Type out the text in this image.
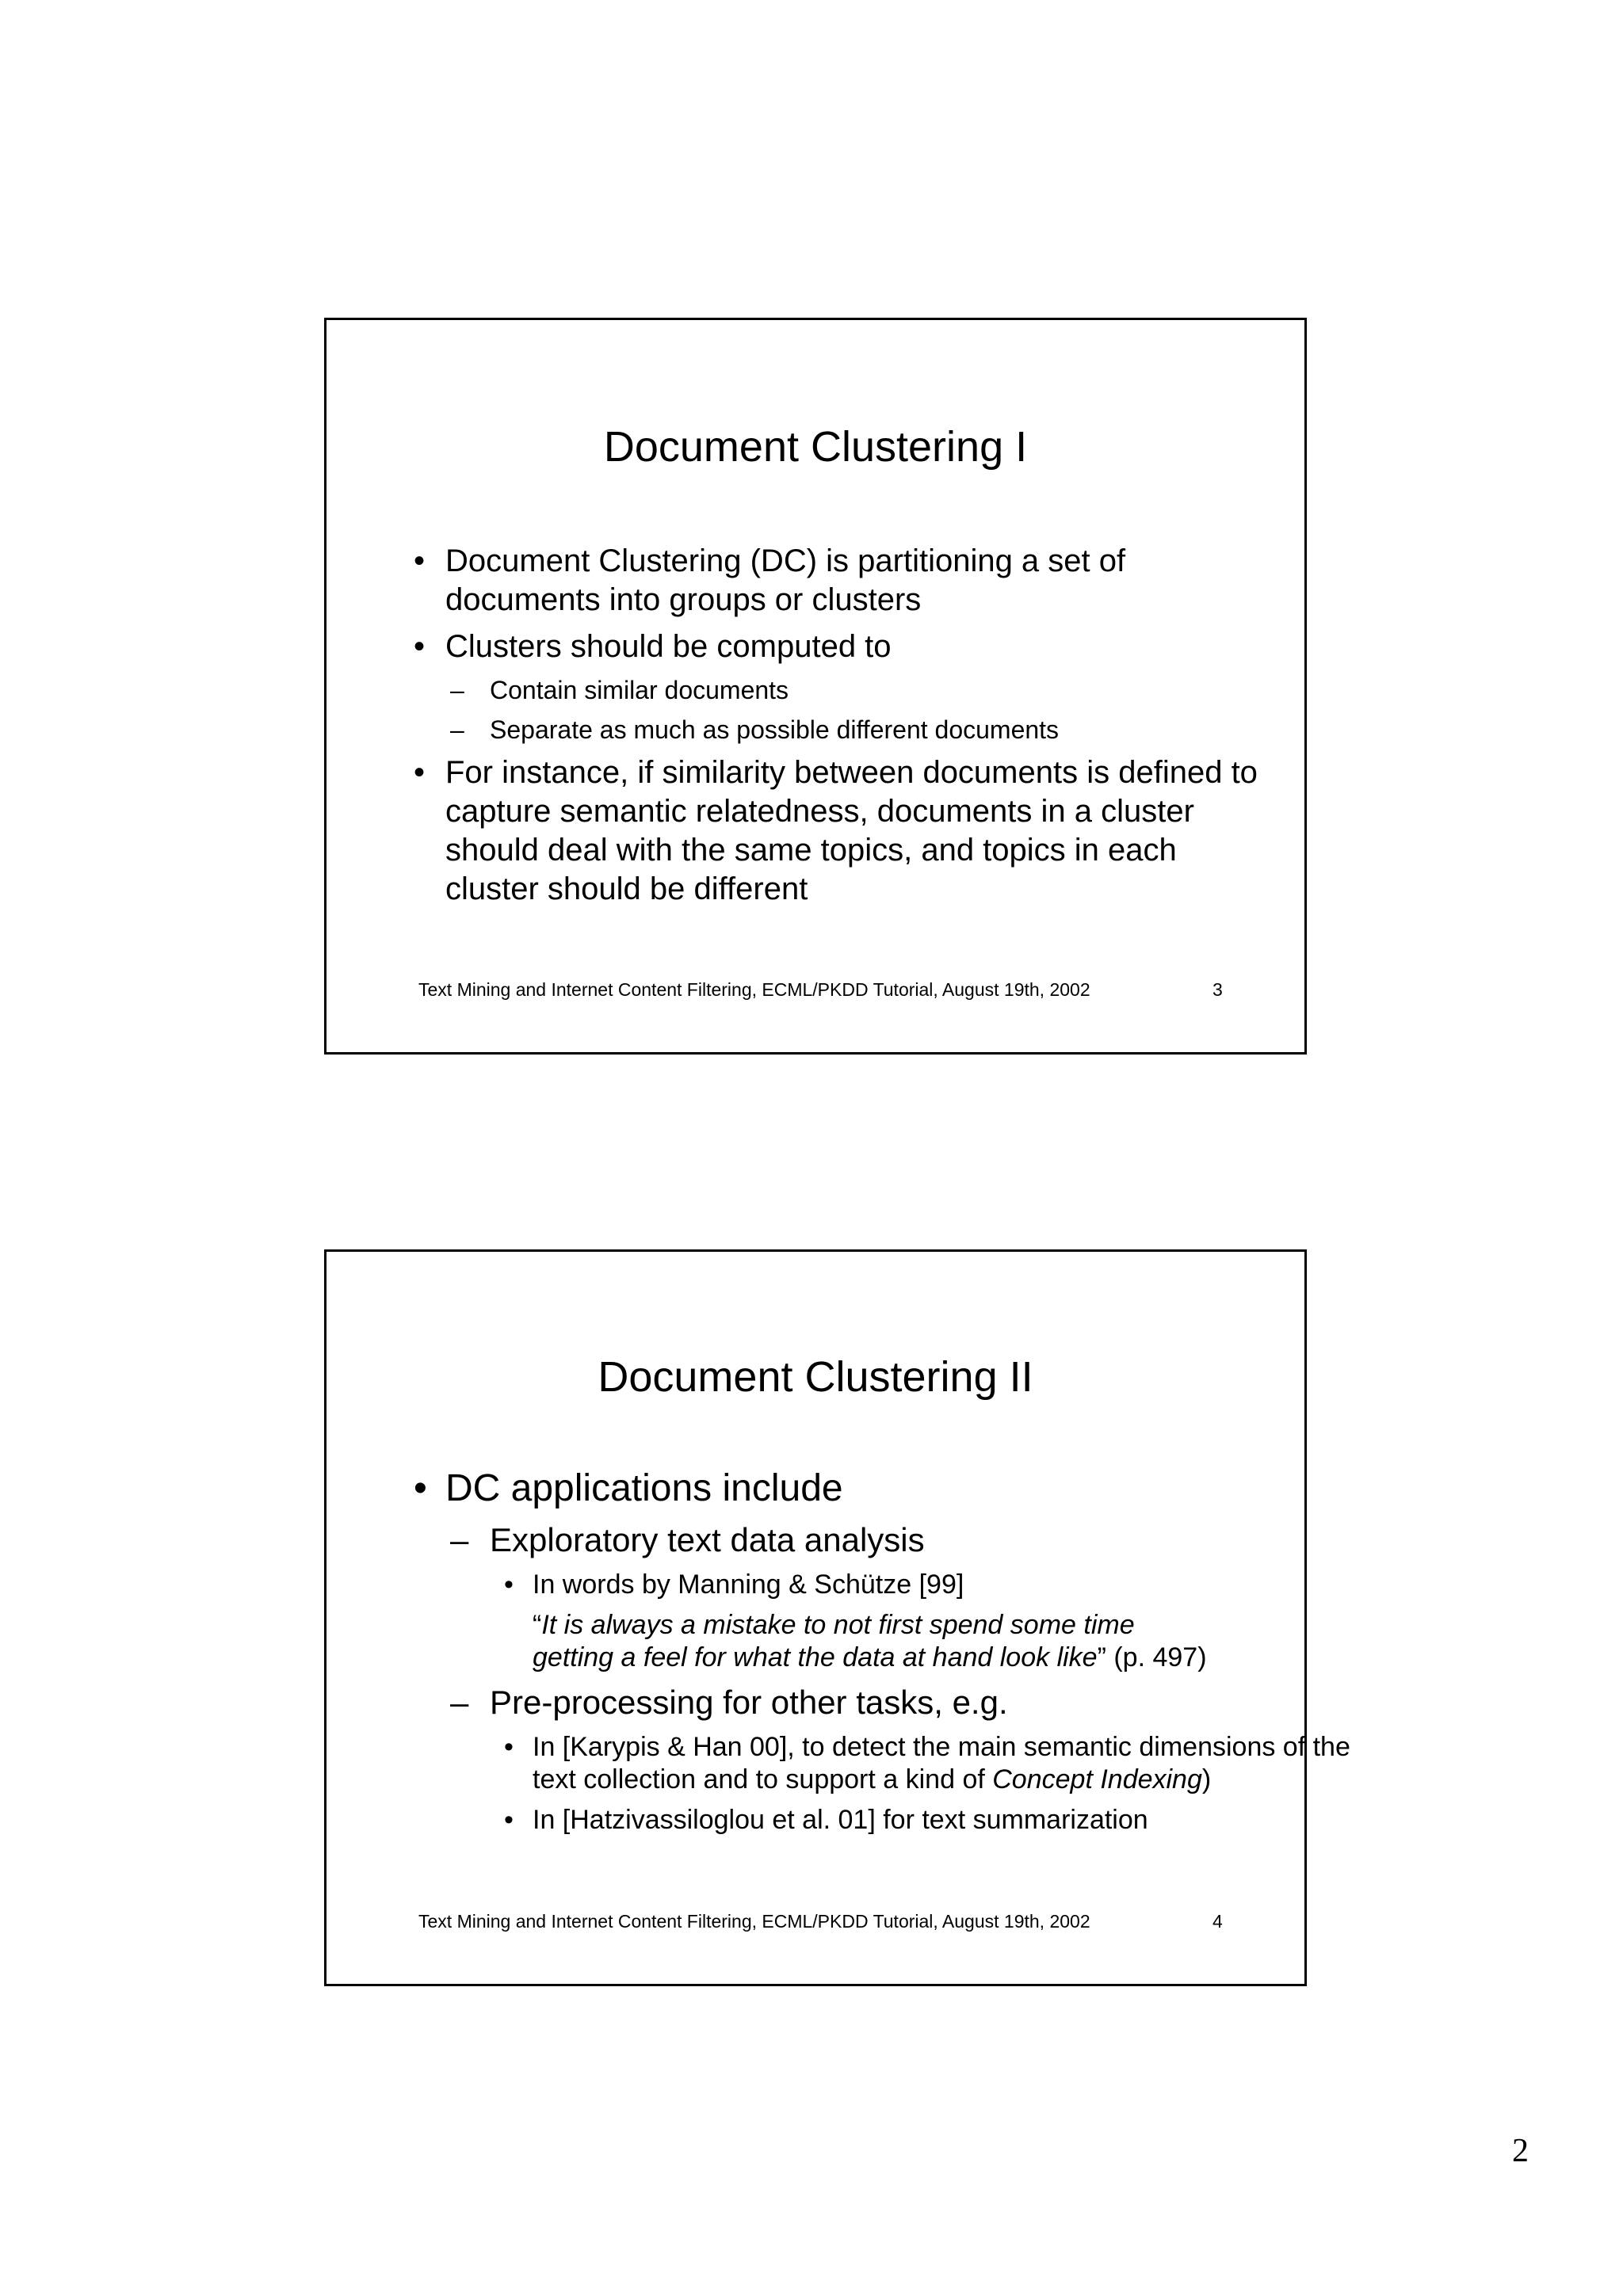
Document Clustering I
• Document Clustering (DC) is partitioning a set of documents into groups or clusters
• Clusters should be computed to
– Contain similar documents
– Separate as much as possible different documents
• For instance, if similarity between documents is defined to capture semantic relatedness, documents in a cluster should deal with the same topics, and topics in each cluster should be different
Text Mining and Internet Content Filtering, ECML/PKDD Tutorial, August 19th, 2002	3
Document Clustering II
• DC applications include
– Exploratory text data analysis
• In words by Manning & Schütze [99]
“It is always a mistake to not first spend some time getting a feel for what the data at hand look like” (p. 497)
– Pre-processing for other tasks, e.g.
• In [Karypis & Han 00], to detect the main semantic dimensions of the text collection and to support a kind of Concept Indexing)
• In [Hatzivassiloglou et al. 01] for text summarization
Text Mining and Internet Content Filtering, ECML/PKDD Tutorial, August 19th, 2002	4
2
